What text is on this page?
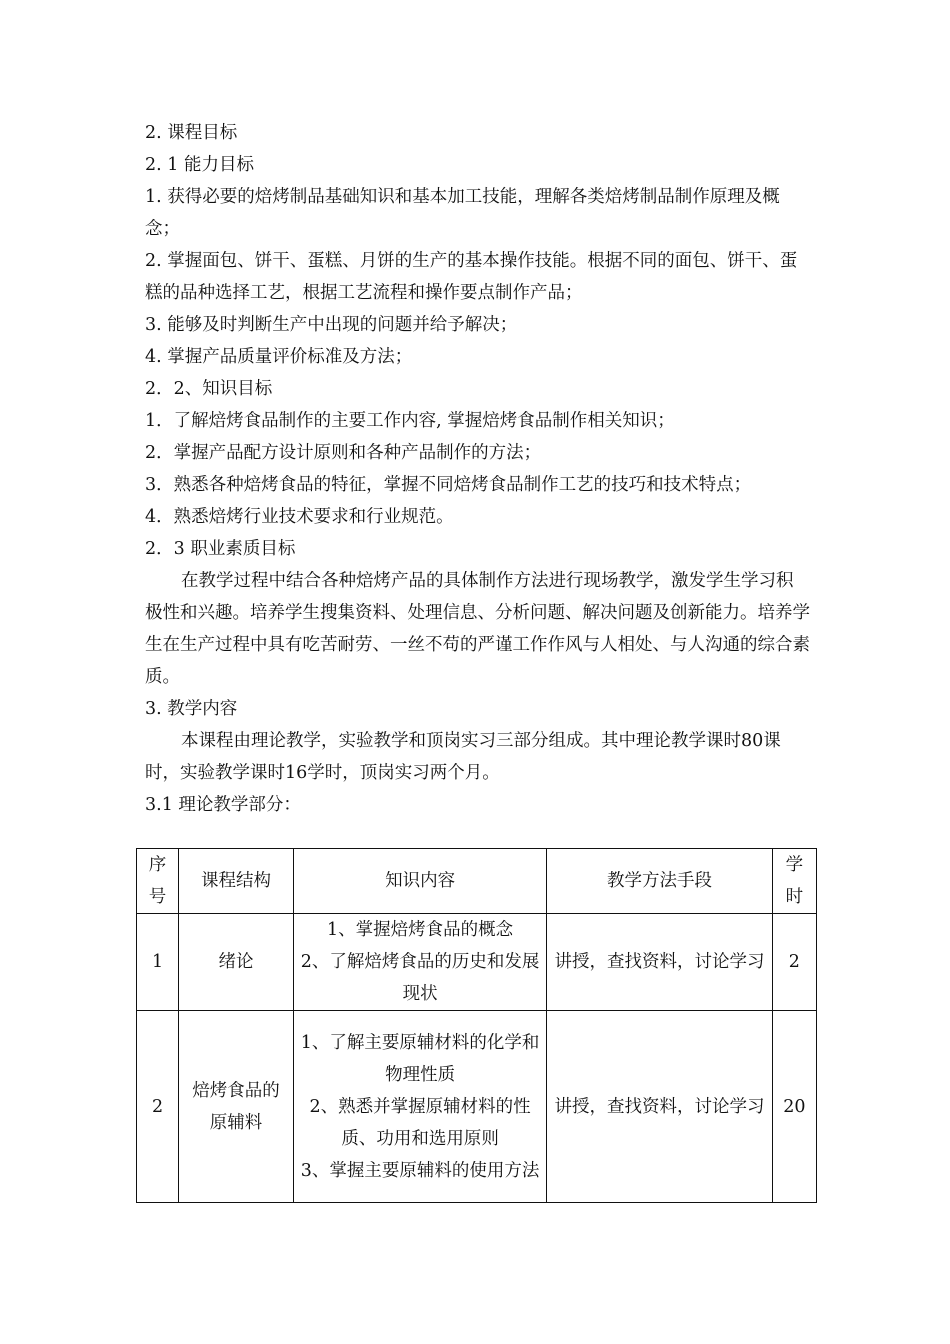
2. 课程目标
2. 1 能力目标
1. 获得必要的焙烤制品基础知识和基本加工技能，理解各类焙烤制品制作原理及概念；
2. 掌握面包、饼干、蛋糕、月饼的生产的基本操作技能。根据不同的面包、饼干、蛋糕的品种选择工艺，根据工艺流程和操作要点制作产品；
3. 能够及时判断生产中出现的问题并给予解决；
4. 掌握产品质量评价标准及方法；
2．2、知识目标
1．了解焙烤食品制作的主要工作内容, 掌握焙烤食品制作相关知识；
2．掌握产品配方设计原则和各种产品制作的方法；
3．熟悉各种焙烤食品的特征，掌握不同焙烤食品制作工艺的技巧和技术特点；
4．熟悉焙烤行业技术要求和行业规范。
2．3 职业素质目标
在教学过程中结合各种焙烤产品的具体制作方法进行现场教学，激发学生学习积极性和兴趣。培养学生搜集资料、处理信息、分析问题、解决问题及创新能力。培养学生在生产过程中具有吃苦耐劳、一丝不苟的严谨工作作风与人相处、与人沟通的综合素质。
3. 教学内容
本课程由理论教学，实验教学和顶岗实习三部分组成。其中理论教学课时80课时，实验教学课时16学时，顶岗实习两个月。
3.1 理论教学部分：
序号	课程结构	知识内容	教学方法手段	学时
1	绪论	1、掌握焙烤食品的概念
2、了解焙烤食品的历史和发展现状	讲授，查找资料，讨论学习	2
2	焙烤食品的原辅料	1、了解主要原辅材料的化学和物理性质
2、熟悉并掌握原辅材料的性质、功用和选用原则
3、掌握主要原辅料的使用方法	讲授，查找资料，讨论学习	20
